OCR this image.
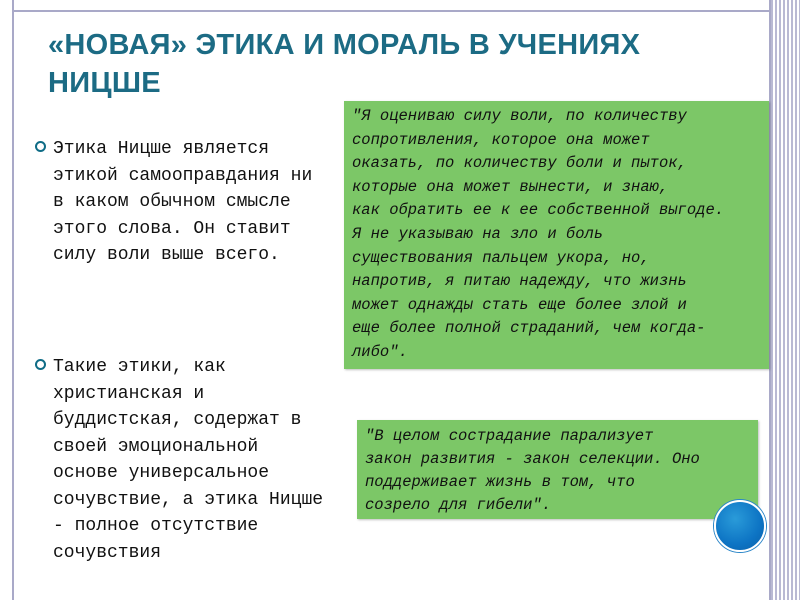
«НОВАЯ» ЭТИКА И МОРАЛЬ В УЧЕНИЯХ
НИЦШЕ
Этика Ницше является
этикой самооправдания ни
в каком обычном смысле
этого слова. Он ставит
силу воли выше всего.
Такие этики, как
христианская и
буддистская, содержат в
своей эмоциональной
основе универсальное
сочувствие, а этика Ницше
- полное отсутствие
сочувствия
"Я оцениваю силу воли, по количеству
сопротивления, которое она может
оказать, по количеству боли и пыток,
которые она может вынести, и знаю,
как обратить ее к ее собственной выгоде.
Я не указываю на зло и боль
существования пальцем укора, но,
напротив, я питаю надежду, что жизнь
может однажды стать еще более злой и
еще более полной страданий, чем когда-
либо".
"В целом сострадание парализует
закон развития - закон селекции. Оно
поддерживает жизнь в том, что
созрело для гибели".
